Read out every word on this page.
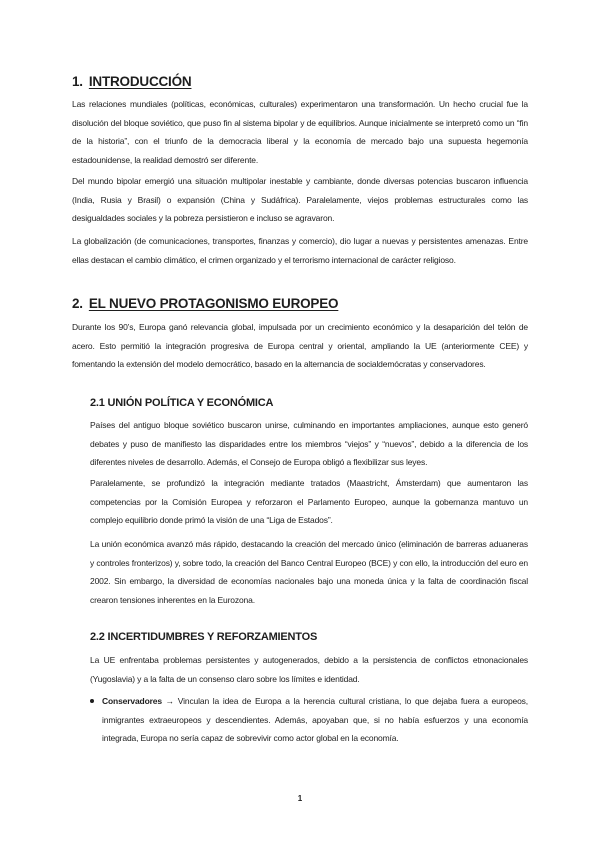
1. INTRODUCCIÓN

Las relaciones mundiales (políticas, económicas, culturales) experimentaron una transformación. Un hecho crucial fue la disolución del bloque soviético, que puso fin al sistema bipolar y de equilibrios. Aunque inicialmente se interpretó como un “fin de la historia”, con el triunfo de la democracia liberal y la economía de mercado bajo una supuesta hegemonía estadounidense, la realidad demostró ser diferente.

Del mundo bipolar emergió una situación multipolar inestable y cambiante, donde diversas potencias buscaron influencia (India, Rusia y Brasil) o expansión (China y Sudáfrica). Paralelamente, viejos problemas estructurales como las desigualdades sociales y la pobreza persistieron e incluso se agravaron.

La globalización (de comunicaciones, transportes, finanzas y comercio), dio lugar a nuevas y persistentes amenazas. Entre ellas destacan el cambio climático, el crimen organizado y el terrorismo internacional de carácter religioso.

2. EL NUEVO PROTAGONISMO EUROPEO

Durante los 90’s, Europa ganó relevancia global, impulsada por un crecimiento económico y la desaparición del telón de acero. Esto permitió la integración progresiva de Europa central y oriental, ampliando la UE (anteriormente CEE) y fomentando la extensión del modelo democrático, basado en la alternancia de socialdemócratas y conservadores.

2.1 UNIÓN POLÍTICA Y ECONÓMICA

Países del antiguo bloque soviético buscaron unirse, culminando en importantes ampliaciones, aunque esto generó debates y puso de manifiesto las disparidades entre los miembros “viejos” y “nuevos”, debido a la diferencia de los diferentes niveles de desarrollo. Además, el Consejo de Europa obligó a flexibilizar sus leyes.

Paralelamente, se profundizó la integración mediante tratados (Maastricht, Ámsterdam) que aumentaron las competencias por la Comisión Europea y reforzaron el Parlamento Europeo, aunque la gobernanza mantuvo un complejo equilibrio donde primó la visión de una “Liga de Estados”.

La unión económica avanzó más rápido, destacando la creación del mercado único (eliminación de barreras aduaneras y controles fronterizos) y, sobre todo, la creación del Banco Central Europeo (BCE) y con ello, la introducción del euro en 2002. Sin embargo, la diversidad de economías nacionales bajo una moneda única y la falta de coordinación fiscal crearon tensiones inherentes en la Eurozona.

2.2 INCERTIDUMBRES Y REFORZAMIENTOS

La UE enfrentaba problemas persistentes y autogenerados, debido a la persistencia de conflictos etnonacionales (Yugoslavia) y a la falta de un consenso claro sobre los límites e identidad.

Conservadores → Vinculan la idea de Europa a la herencia cultural cristiana, lo que dejaba fuera a europeos, inmigrantes extraeuropeos y descendientes. Además, apoyaban que, si no había esfuerzos y una economía integrada, Europa no sería capaz de sobrevivir como actor global en la economía.

1
